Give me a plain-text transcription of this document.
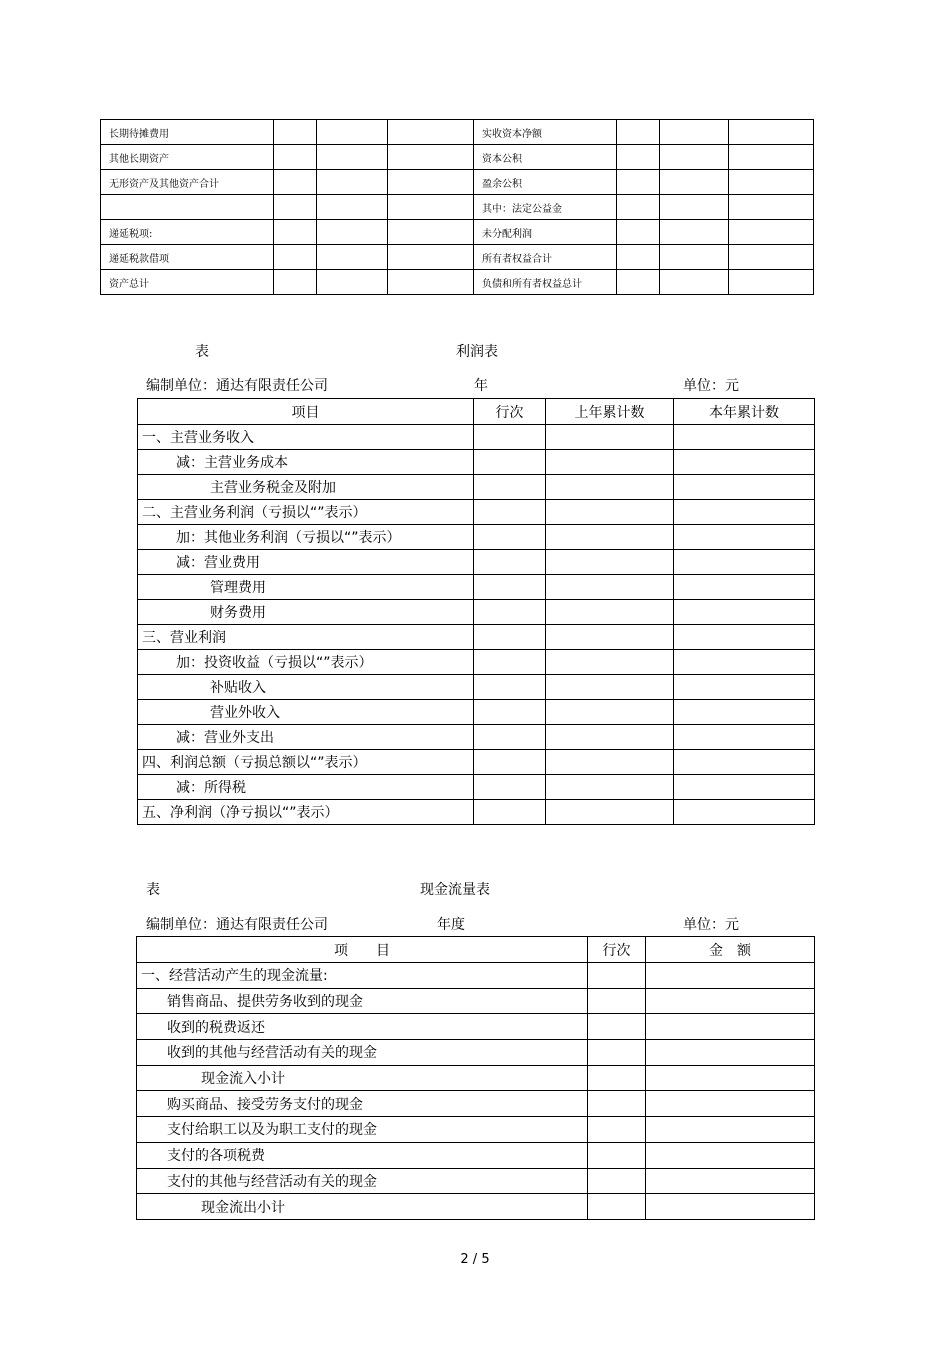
长期待摊费用				实收资本净额			
其他长期资产				资本公积			
无形资产及其他资产合计				盈余公积			
				其中：法定公益金			
递延税项:				未分配利润			
递延税款借项				所有者权益合计			
资产总计				负债和所有者权益总计			
表	利润表
编制单位：通达有限责任公司	年	单位：元
项目	行次	上年累计数	本年累计数
一、主营业务收入			
减：主营业务成本			
主营业务税金及附加			
二、主营业务利润（亏损以“”表示）			
加：其他业务利润（亏损以“”表示）			
减：营业费用			
管理费用			
财务费用			
三、营业利润			
加：投资收益（亏损以“”表示）			
补贴收入			
营业外收入			
减：营业外支出			
四、利润总额（亏损总额以“”表示）			
减：所得税			
五、净利润（净亏损以“”表示）			
表	现金流量表
编制单位：通达有限责任公司	年度	单位：元
项　　目	行次	金　额
一、经营活动产生的现金流量:		
销售商品、提供劳务收到的现金		
收到的税费返还		
收到的其他与经营活动有关的现金		
现金流入小计		
购买商品、接受劳务支付的现金		
支付给职工以及为职工支付的现金		
支付的各项税费		
支付的其他与经营活动有关的现金		
现金流出小计		
2 / 5
